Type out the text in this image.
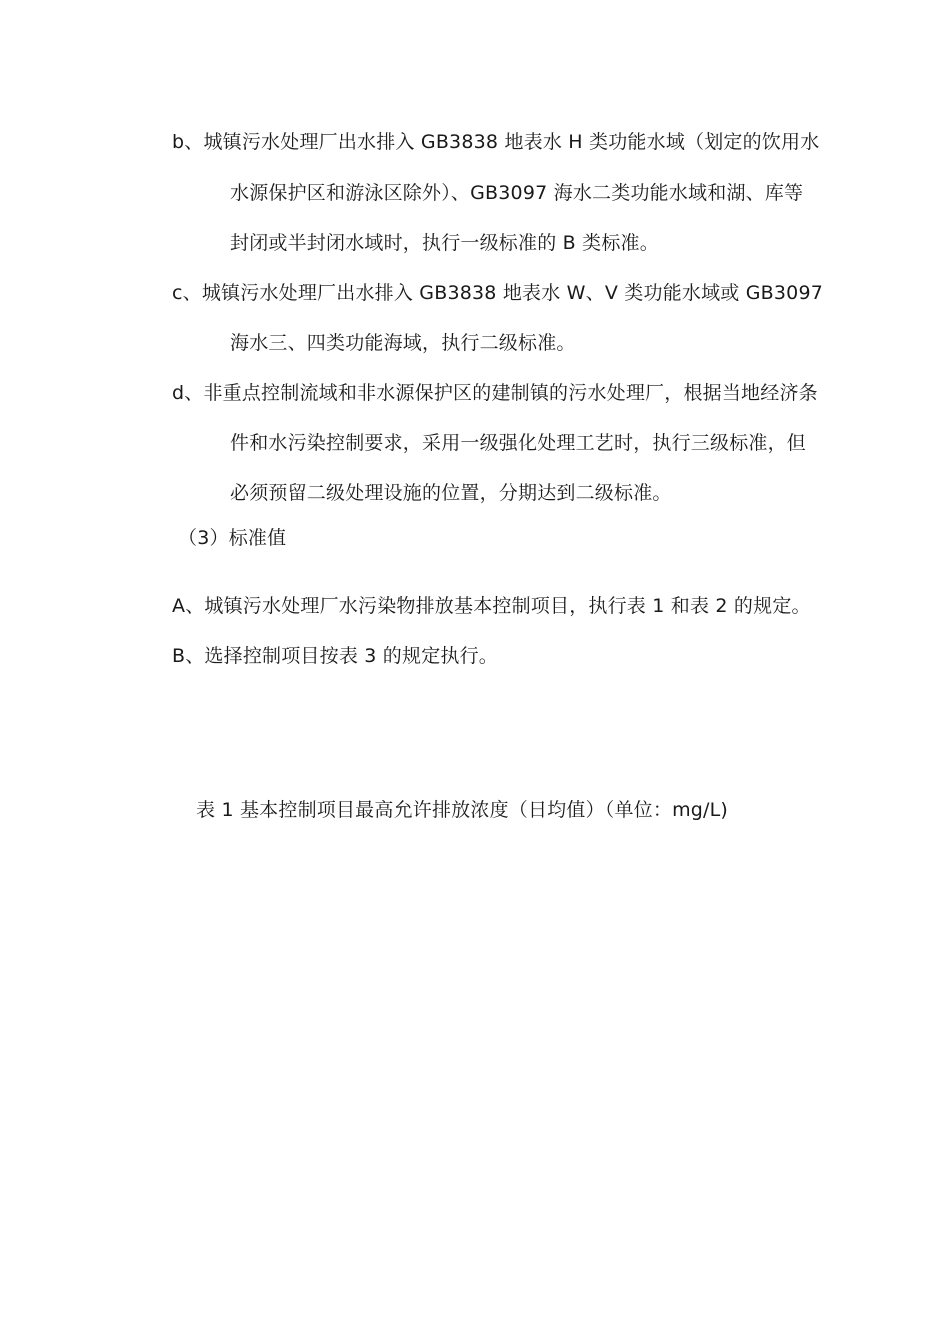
b、城镇污水处理厂出水排入 GB3838 地表水 H 类功能水域（划定的饮用水
水源保护区和游泳区除外）、GB3097 海水二类功能水域和湖、库等
封闭或半封闭水域时，执行一级标准的 B 类标准。
c、城镇污水处理厂出水排入 GB3838 地表水 W、V 类功能水域或 GB3097
海水三、四类功能海域，执行二级标准。
d、非重点控制流域和非水源保护区的建制镇的污水处理厂，根据当地经济条
件和水污染控制要求，采用一级强化处理工艺时，执行三级标准，但
必须预留二级处理设施的位置，分期达到二级标准。
（3）标准值
A、城镇污水处理厂水污染物排放基本控制项目，执行表 1 和表 2 的规定。
B、选择控制项目按表 3 的规定执行。
表 1 基本控制项目最高允许排放浓度（日均值）（单位：mg/L)
